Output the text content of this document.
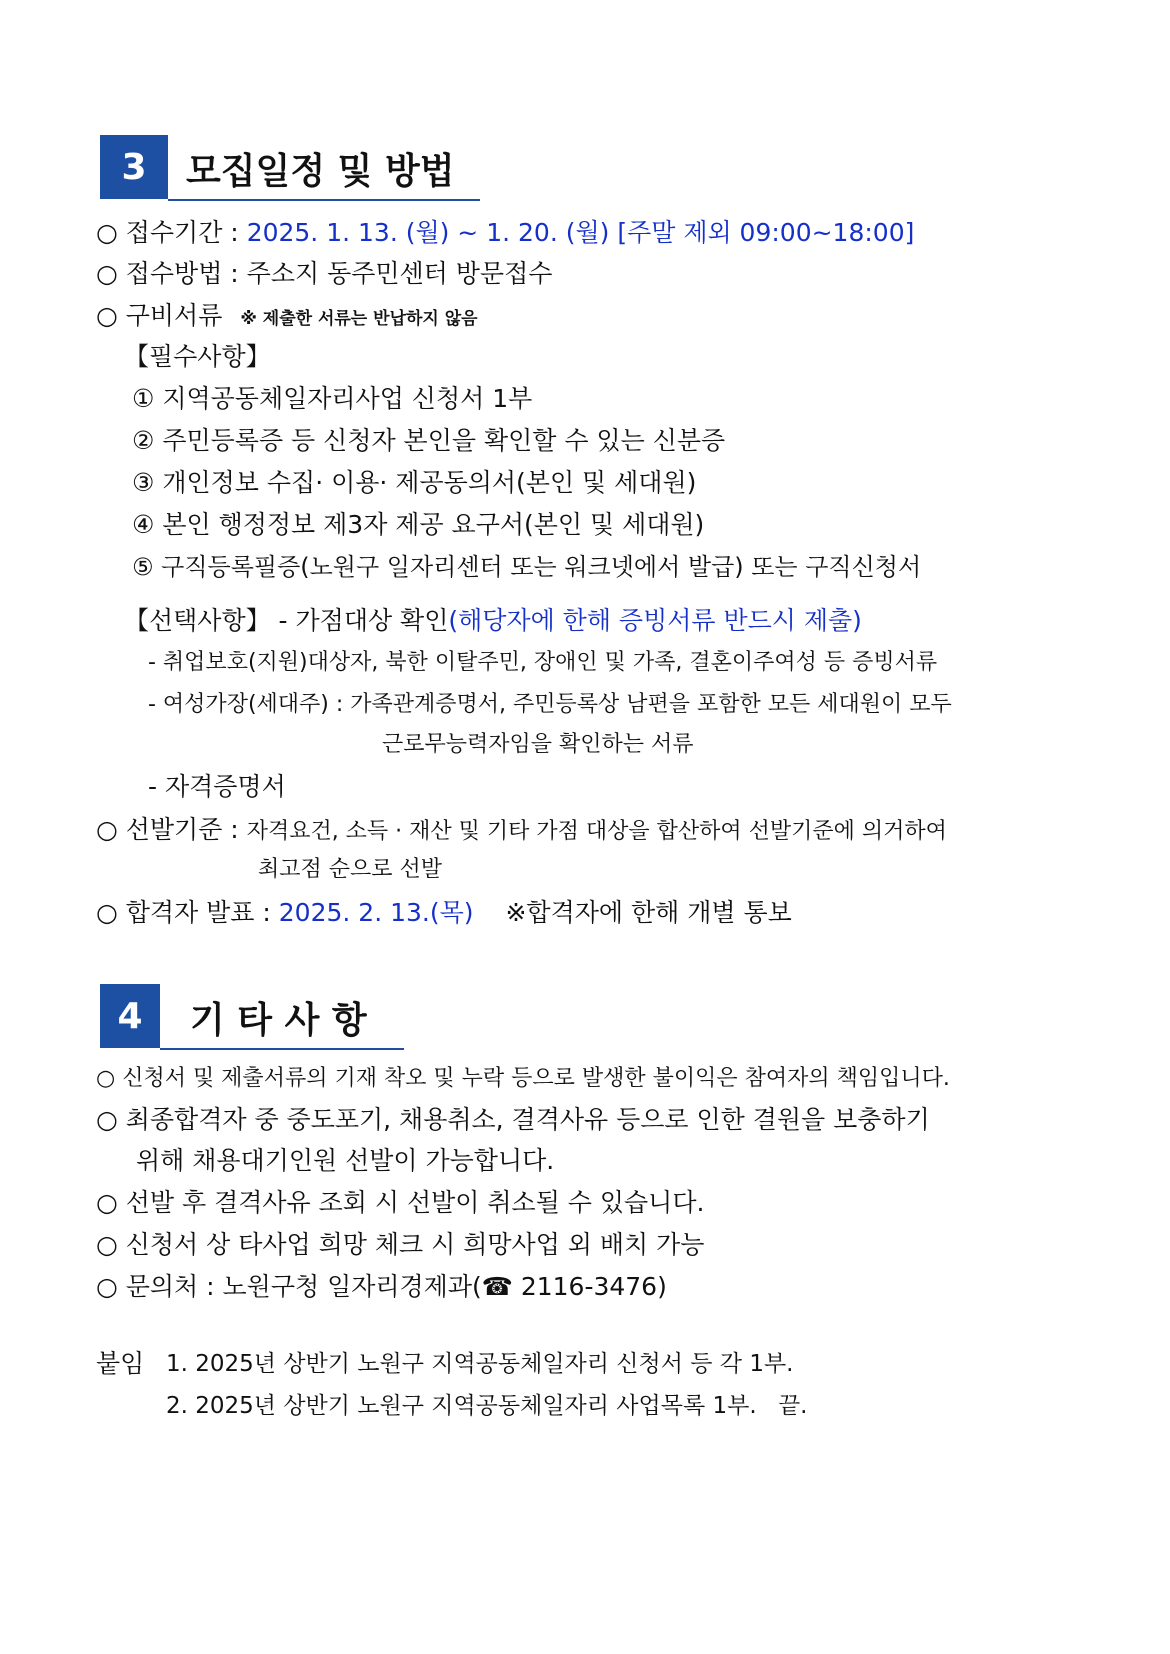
3	모집일정 및 방법
○ 접수기간 : 2025. 1. 13. (월) ~ 1. 20. (월) [주말 제외 09:00~18:00]
○ 접수방법 : 주소지 동주민센터 방문접수
○ 구비서류 ※ 제출한 서류는 반납하지 않음
【필수사항】
① 지역공동체일자리사업 신청서 1부
② 주민등록증 등 신청자 본인을 확인할 수 있는 신분증
③ 개인정보 수집· 이용· 제공동의서(본인 및 세대원)
④ 본인 행정정보 제3자 제공 요구서(본인 및 세대원)
⑤ 구직등록필증(노원구 일자리센터 또는 워크넷에서 발급) 또는 구직신청서
【선택사항】 - 가점대상 확인(해당자에 한해 증빙서류 반드시 제출)
- 취업보호(지원)대상자, 북한 이탈주민, 장애인 및 가족, 결혼이주여성 등 증빙서류
- 여성가장(세대주) : 가족관계증명서, 주민등록상 남편을 포함한 모든 세대원이 모두
근로무능력자임을 확인하는 서류
- 자격증명서
○ 선발기준 : 자격요건, 소득 · 재산 및 기타 가점 대상을 합산하여 선발기준에 의거하여
최고점 순으로 선발
○ 합격자 발표 : 2025. 2. 13.(목) ※합격자에 한해 개별 통보
4	기 타 사 항
○ 신청서 및 제출서류의 기재 착오 및 누락 등으로 발생한 불이익은 참여자의 책임입니다.
○ 최종합격자 중 중도포기, 채용취소, 결격사유 등으로 인한 결원을 보충하기
위해 채용대기인원 선발이 가능합니다.
○ 선발 후 결격사유 조회 시 선발이 취소될 수 있습니다.
○ 신청서 상 타사업 희망 체크 시 희망사업 외 배치 가능
○ 문의처 : 노원구청 일자리경제과(☎ 2116-3476)
붙임 1. 2025년 상반기 노원구 지역공동체일자리 신청서 등 각 1부.
2. 2025년 상반기 노원구 지역공동체일자리 사업목록 1부. 끝.
